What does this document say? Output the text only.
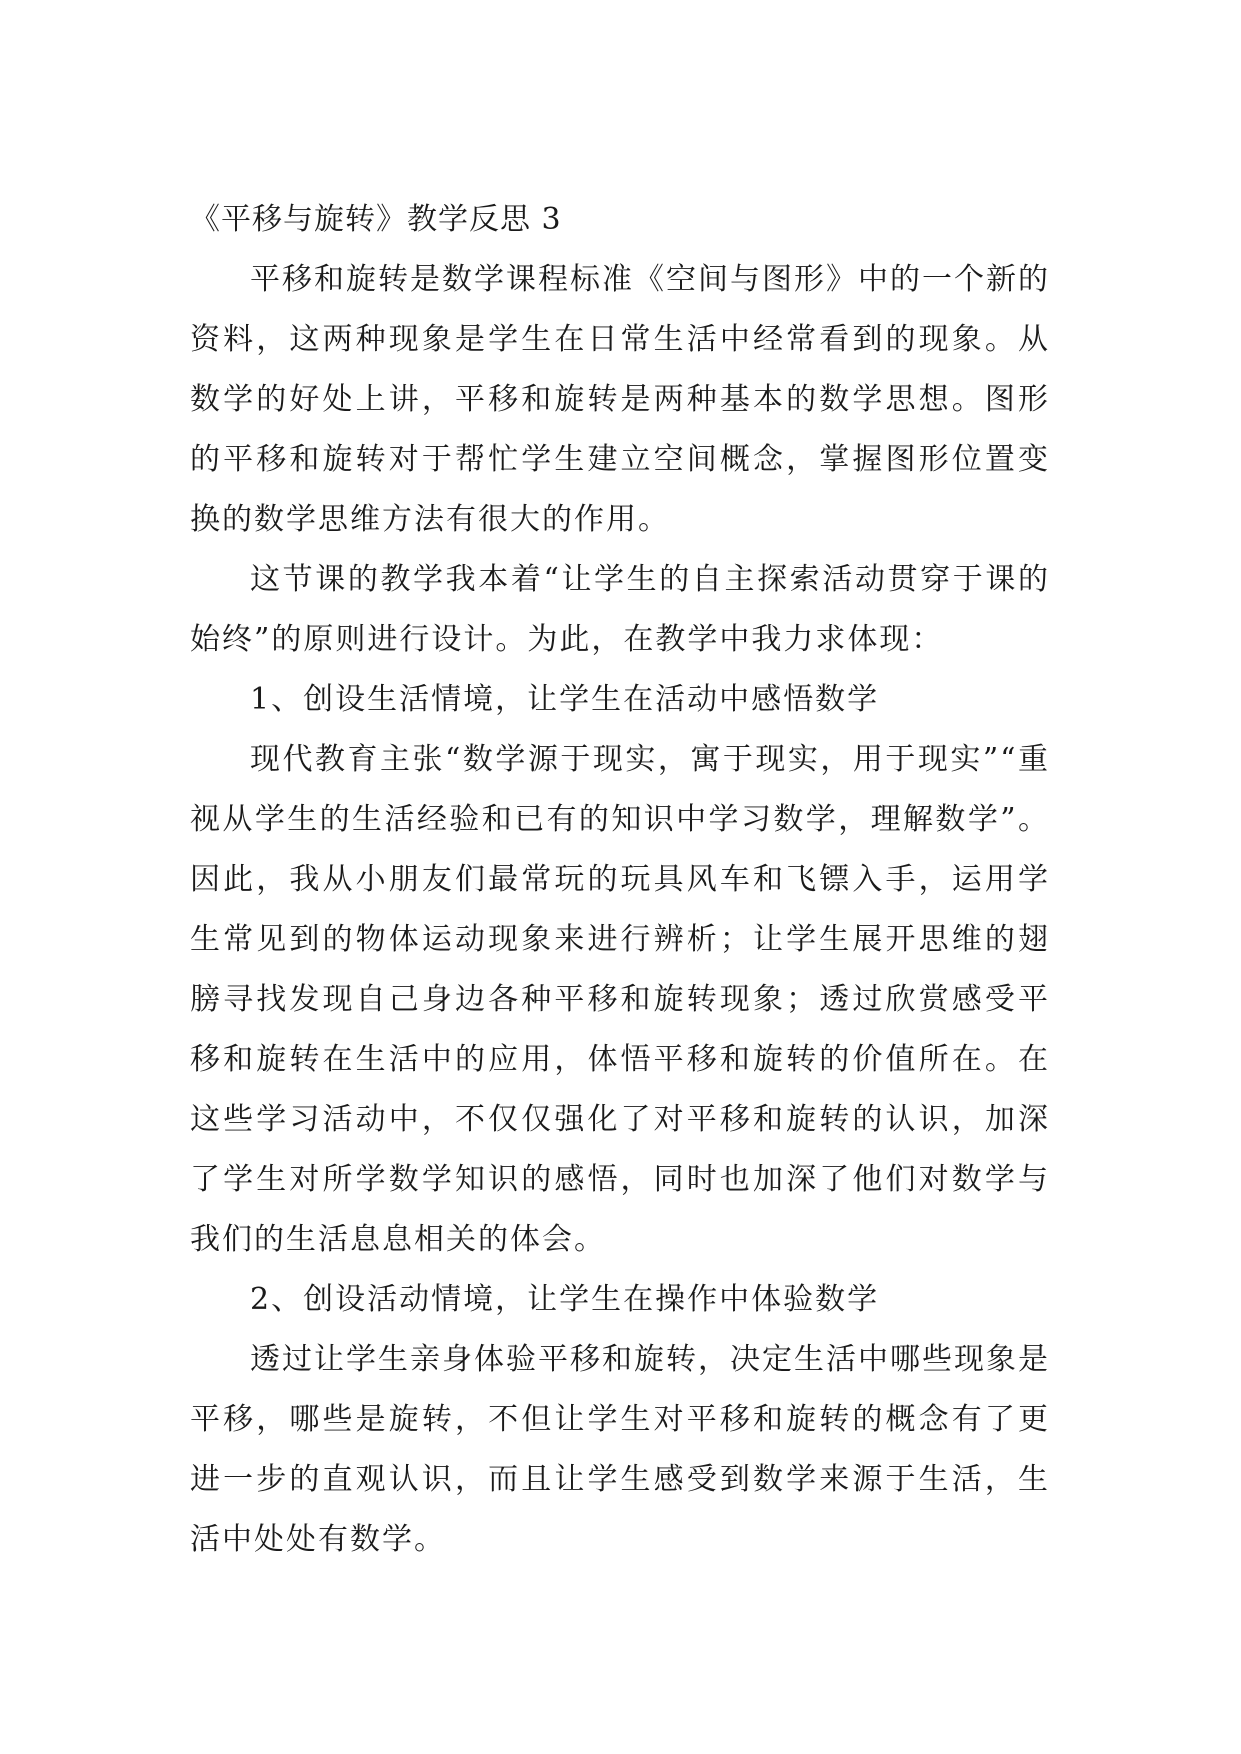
《平移与旋转》教学反思 3

平移和旋转是数学课程标准《空间与图形》中的一个新的资料，这两种现象是学生在日常生活中经常看到的现象。从数学的好处上讲，平移和旋转是两种基本的数学思想。图形的平移和旋转对于帮忙学生建立空间概念，掌握图形位置变换的数学思维方法有很大的作用。

这节课的教学我本着“让学生的自主探索活动贯穿于课的始终”的原则进行设计。为此，在教学中我力求体现：

1、创设生活情境，让学生在活动中感悟数学

现代教育主张“数学源于现实，寓于现实，用于现实”“重视从学生的生活经验和已有的知识中学习数学，理解数学”。因此，我从小朋友们最常玩的玩具风车和飞镖入手，运用学生常见到的物体运动现象来进行辨析；让学生展开思维的翅膀寻找发现自己身边各种平移和旋转现象；透过欣赏感受平移和旋转在生活中的应用，体悟平移和旋转的价值所在。在这些学习活动中，不仅仅强化了对平移和旋转的认识，加深了学生对所学数学知识的感悟，同时也加深了他们对数学与我们的生活息息相关的体会。

2、创设活动情境，让学生在操作中体验数学

透过让学生亲身体验平移和旋转，决定生活中哪些现象是平移，哪些是旋转，不但让学生对平移和旋转的概念有了更进一步的直观认识，而且让学生感受到数学来源于生活，生活中处处有数学。
